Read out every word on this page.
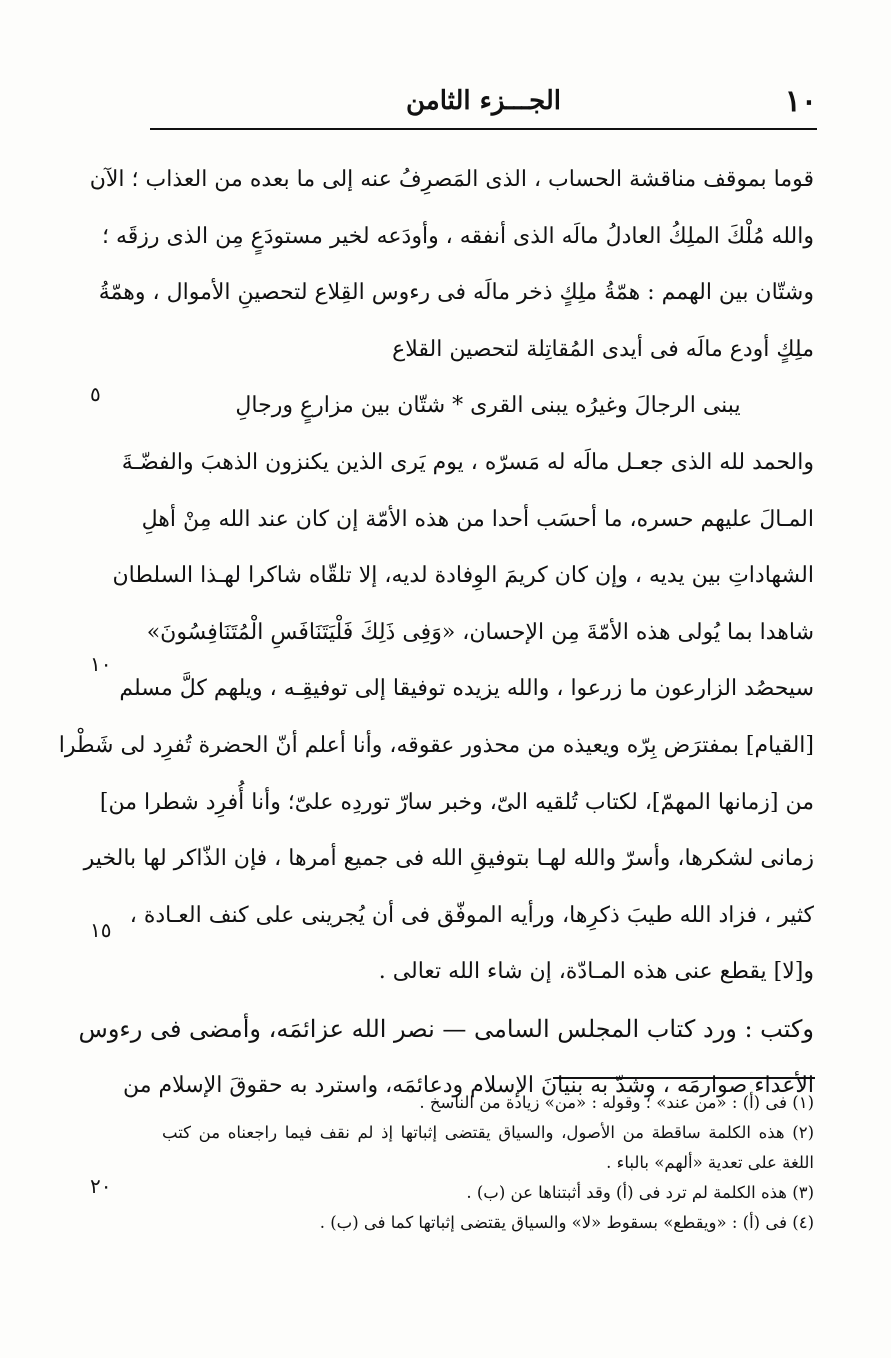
١٠
الجـــزء الثامن
قوما بموقف مناقشة الحساب ، الذى المَصرِفُ عنه إلى ما بعده من العذاب ؛ الآن
والله مُلْكَ الملِكُ العادلُ مالَه الذى أنفقه ، وأودَعه لخير مستودَعٍ مِن الذى رزقَه ؛
وشتّان بين الهمم : همّةُ ملِكٍ ذخر مالَه فى رءوس القِلاع لتحصينِ الأموال ، وهمّةُ
ملِكٍ أودع مالَه فى أيدى المُقاتِلة لتحصين القلاع
يبنى الرجالَ وغيرُه يبنى القرى * شتّان بين مزارعٍ ورجالِ
والحمد لله الذى جعـل مالَه له مَسرّه ، يوم يَرى الذين يكنزون الذهبَ والفضّـةَ
المـالَ عليهم حسره، ما أحسَب أحدا من هذه الأمّة إن كان عند الله مِنْ أهلِ
الشهاداتِ بين يديه ، وإن كان كريمَ الوِفادة لديه، إلا تلقّاه شاكرا لهـذا السلطان
شاهدا بما يُولى هذه الأمّةَ مِن الإحسان، «وَفِى ذَلِكَ فَلْيَتَنَافَسِ الْمُتَنَافِسُونَ»
سيحصُد الزارعون ما زرعوا ، والله يزيده توفيقا إلى توفيقِـه ، ويلهم كلَّ مسلم
[القيام] بمفترَض بِرّه ويعيذه من محذور عقوقه، وأنا أعلم أنّ الحضرة تُفرِد لى شَطْرا
من [زمانها المهمّ]، لكتاب تُلقيه الىّ، وخبر سارّ توردِه علىّ؛ وأنا أُفرِد شطرا من]
زمانى لشكرها، وأسرّ والله لهـا بتوفيقِ الله فى جميع أمرها ، فإن الذّاكر لها بالخير
كثير ، فزاد الله طيبَ ذكرِها، ورأيه الموفّق فى أن يُجرينى على كنف العـادة ،
و[لا] يقطع عنى هذه المـادّة، إن شاء الله تعالى .
وكتب : ورد كتاب المجلس السامى — نصر الله عزائمَه، وأمضى فى رءوس
الأعداء صوارمَه ، وشدّ به بنيانَ الإسلام ودعائمَه، واسترد به حقوقَ الإسلام من
٥
١٠
١٥
٢٠
(١) فى (أ) : «من عند» ؛ وقوله : «من» زيادة من الناسخ .
(٢) هذه الكلمة ساقطة من الأصول، والسياق يقتضى إثباتها إذ لم نقف فيما راجعناه من كتب
اللغة على تعدية «ألهم» بالباء .
(٣) هذه الكلمة لم ترد فى (أ) وقد أثبتناها عن (ب) .
(٤) فى (أ) : «ويقطع» بسقوط «لا» والسياق يقتضى إثباتها كما فى (ب) .
